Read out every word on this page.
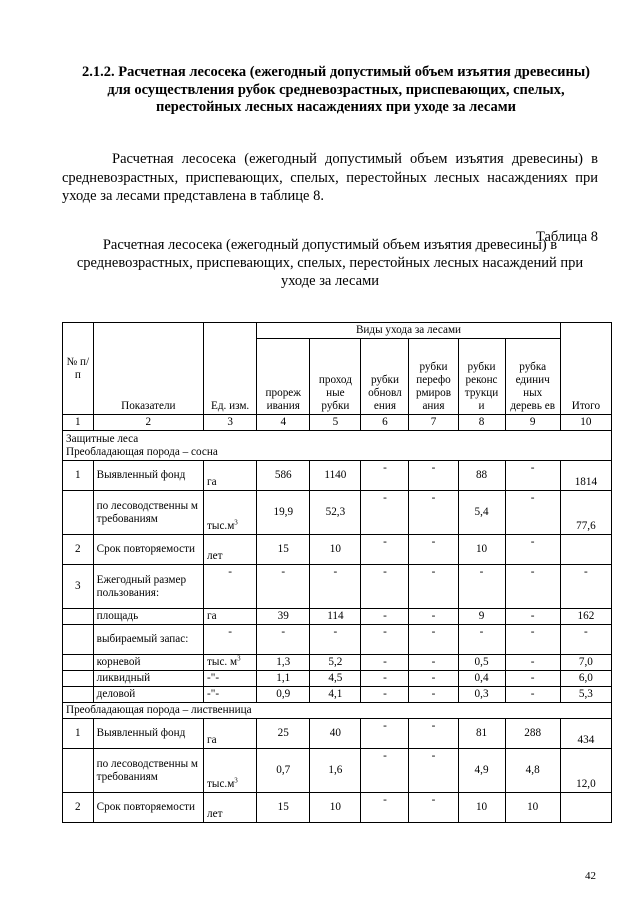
2.1.2. Расчетная лесосека (ежегодный допустимый объем изъятия древесины) для осуществления рубок средневозрастных, приспевающих, спелых, перестойных лесных насаждениях при уходе за лесами
Расчетная лесосека (ежегодный допустимый объем изъятия древесины) в средневозрастных, приспевающих, спелых, перестойных лесных насаждениях при уходе за лесами представлена в таблице 8.
Таблица 8
Расчетная лесосека (ежегодный допустимый объем изъятия древесины) в средневозрастных, приспевающих, спелых, перестойных лесных насаждений при уходе за лесами
№ п/п	Показатели	Ед. изм.	Виды ухода за лесами						Итого
			прореж ивания	проход ные рубки	рубки обновл ения	рубки перефо рмиров ания	рубки реконс трукци и	рубка единич ных деревь ев	
1	2	3	4	5	6	7	8	9	10

Защитные леса
Преобладающая порода – сосна									

1	Выявленный фонд	га	586	1140	-	-	88	-	1814
	по лесоводственны м требованиям	$тыс.м^3$	19,9	52,3	-	-	5,4	-	77,6
2	Срок повторяемости	лет	15	10	-	-	10	-	
3	Ежегодный размер пользования:	-	-	-	-	-	-	-	-
	площадь	га	39	114	-	-	9	-	162
	выбираемый запас:	-	-	-	-	-	-	-	-
	корневой	тыс. $м^3$	1,3	5,2	-	-	0,5	-	7,0
	ликвидный	-"-	1,1	4,5	-	-	0,4	-	6,0
	деловой	-"-	0,9	4,1	-	-	0,3	-	5,3
Преобладающая порода – лиственница									
1	Выявленный фонд	га	25	40	-	-	81	288	434
	по лесоводственны м требованиям	$тыс.м^3$	0,7	1,6	-	-	4,9	4,8	12,0
2	Срок повторяемости	лет	15	10	-	-	10	10	
42
